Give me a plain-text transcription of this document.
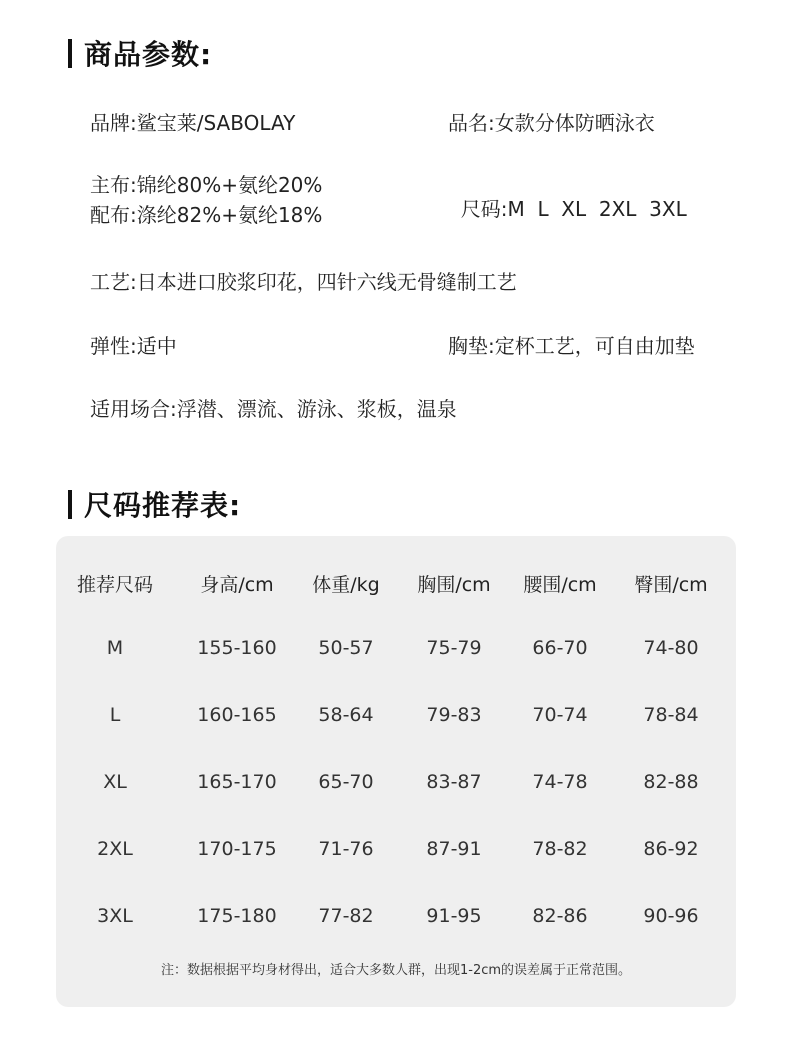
商品参数:
品牌:鲨宝莱/SABOLAY	品名:女款分体防晒泳衣
主布:锦纶80%+氨纶20%

尺码:M  L  XL  2XL  3XL

配布:涤纶82%+氨纶18%
工艺:日本进口胶浆印花，四针六线无骨缝制工艺
弹性:适中	胸垫:定杯工艺，可自由加垫
适用场合:浮潜、漂流、游泳、浆板，温泉
尺码推荐表:
推荐尺码 身高/cm 体重/kg 胸围/cm 腰围/cm 臀围/cm
M	155-160 50-57	75-79	66-70	74-80
L	160-165 58-64	79-83	70-74	78-84
XL	165-170 65-70	83-87	74-78	82-88
2XL	170-175 71-76	87-91	78-82	86-92
3XL	175-180 77-82	91-95	82-86	90-96
注：数据根据平均身材得出，适合大多数人群，出现1-2cm的误差属于正常范围。
